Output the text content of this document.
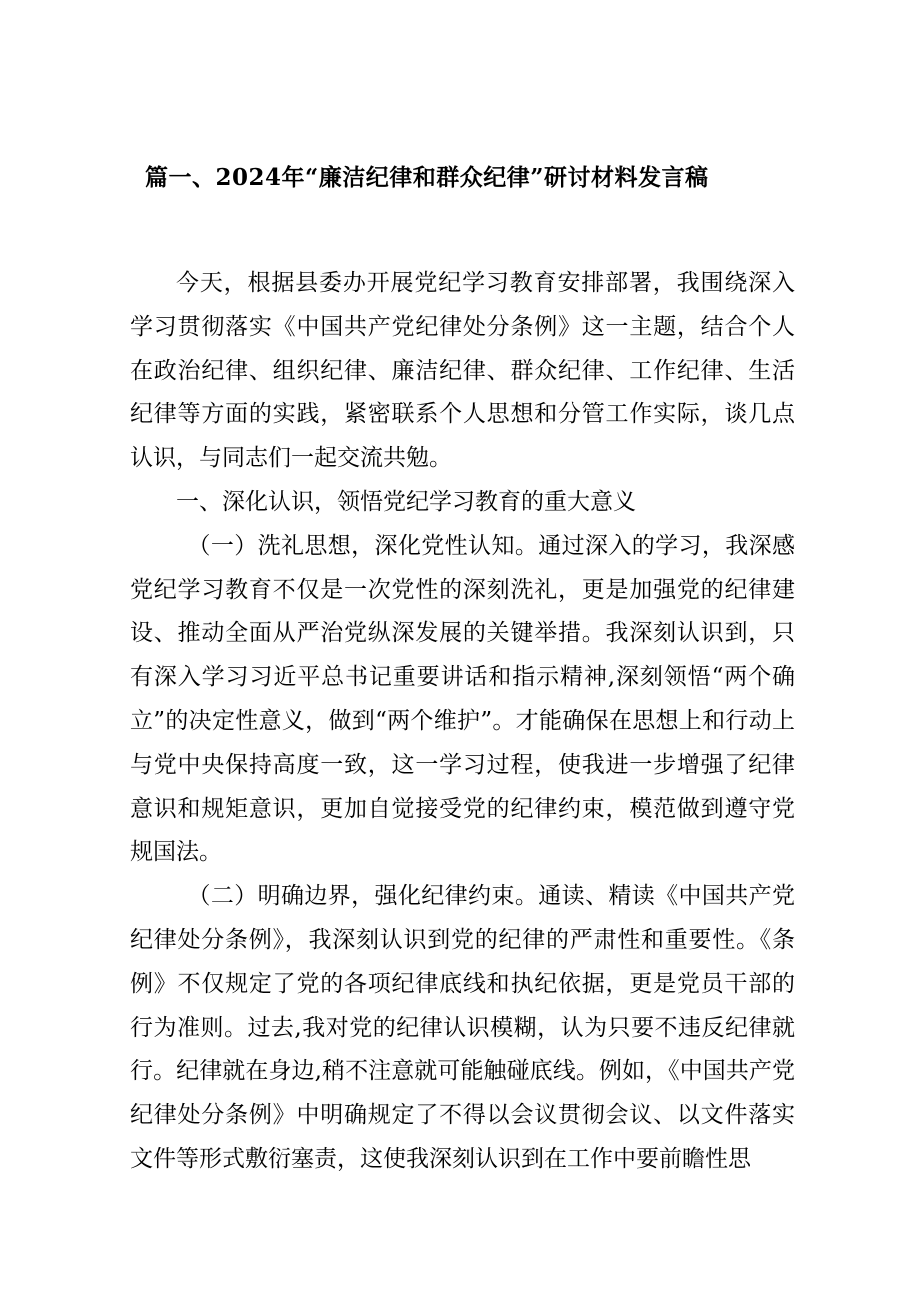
篇一、2024年“廉洁纪律和群众纪律”研讨材料发言稿

今天，根据县委办开展党纪学习教育安排部署，我围绕深入学习贯彻落实《中国共产党纪律处分条例》这一主题，结合个人在政治纪律、组织纪律、廉洁纪律、群众纪律、工作纪律、生活纪律等方面的实践，紧密联系个人思想和分管工作实际，谈几点认识，与同志们一起交流共勉。

一、深化认识，领悟党纪学习教育的重大意义

（一）洗礼思想，深化党性认知。通过深入的学习，我深感党纪学习教育不仅是一次党性的深刻洗礼，更是加强党的纪律建设、推动全面从严治党纵深发展的关键举措。我深刻认识到，只有深入学习习近平总书记重要讲话和指示精神,深刻领悟“两个确立”的决定性意义，做到“两个维护”。才能确保在思想上和行动上与党中央保持高度一致，这一学习过程，使我进一步增强了纪律意识和规矩意识，更加自觉接受党的纪律约束，模范做到遵守党规国法。

（二）明确边界，强化纪律约束。通读、精读《中国共产党纪律处分条例》，我深刻认识到党的纪律的严肃性和重要性。《条例》不仅规定了党的各项纪律底线和执纪依据，更是党员干部的行为准则。过去,我对党的纪律认识模糊，认为只要不违反纪律就行。纪律就在身边,稍不注意就可能触碰底线。例如，《中国共产党纪律处分条例》中明确规定了不得以会议贯彻会议、以文件落实文件等形式敷衍塞责，这使我深刻认识到在工作中要前瞻性思
